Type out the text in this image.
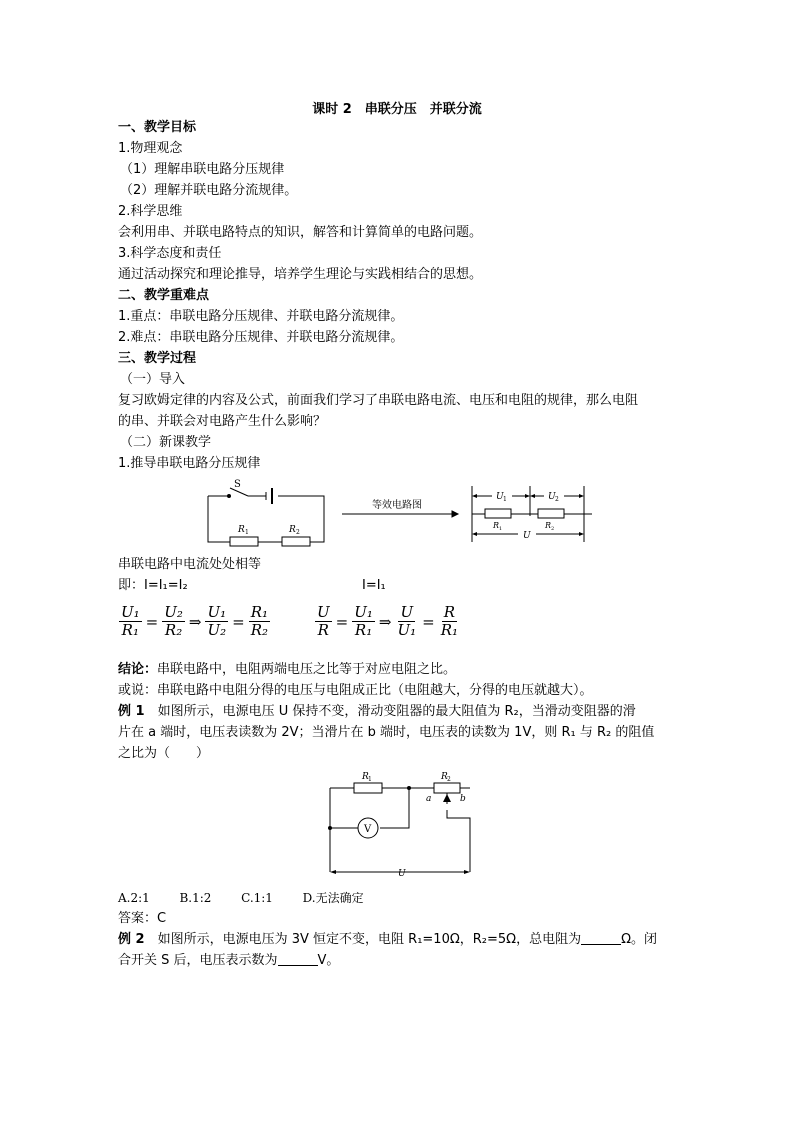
课时 2　串联分压　并联分流
一、教学目标
1.物理观念
（1）理解串联电路分压规律
（2）理解并联电路分流规律。
2.科学思维
会利用串、并联电路特点的知识，解答和计算简单的电路问题。
3.科学态度和责任
通过活动探究和理论推导，培养学生理论与实践相结合的思想。
二、教学重难点
1.重点：串联电路分压规律、并联电路分流规律。
2.难点：串联电路分压规律、并联电路分流规律。
三、教学过程
（一）导入
复习欧姆定律的内容及公式，前面我们学习了串联电路电流、电压和电阻的规律，那么电阻
的串、并联会对电路产生什么影响？
（二）新课教学
1.推导串联电路分压规律
S
R 1	R 2
等效电路图
U 1	U 2
R 1	R 2
U
串联电路中电流处处相等
即：I=I₁=I₂	I=I₁
$\frac{\text{U₁}}{\text{R₁}} = \frac{\text{U₂}}{\text{R₂}}$ ⇒ $\frac{\text{U₁}}{\text{U₂}} = \frac{\text{R₁}}{\text{R₂}}$	$\frac{U}{R} = \frac{\text{U₁}}{\text{R₁}}$ ⇒ $\frac{U}{\text{U₁}} = \frac{R}{\text{R₁}}$
结论：串联电路中，电阻两端电压之比等于对应电阻之比。
或说：串联电路中电阻分得的电压与电阻成正比（电阻越大，分得的电压就越大）。
例 1　 如图所示，电源电压 U 保持不变，滑动变阻器的最大阻值为 R₂，当滑动变阻器的滑
片在 a 端时，电压表读数为 2V；当滑片在 b 端时，电压表的读数为 1V，则 R₁ 与 R₂ 的阻值
之比为（　　）
R 1	R 2
a	b
V
U
A.2:1 B.1:2 C.1:1 D.无法确定
答案：C
例 2　 如图所示，电源电压为 3V 恒定不变，电阻 R₁=10Ω，R₂=5Ω，总电阻为	Ω。闭
合开关 S 后，电压表示数为	V。
